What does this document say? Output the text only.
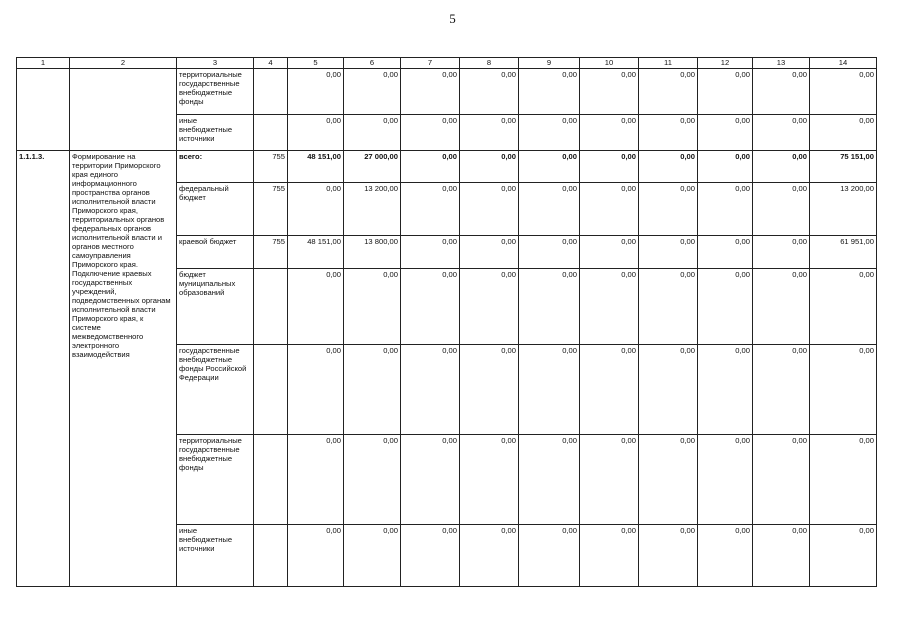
5
1	2	3	4	5	6	7	8	9	10	11	12	13	14
		территориальные государственные внебюджетные фонды		0,00	0,00	0,00	0,00	0,00	0,00	0,00	0,00	0,00	0,00
		иные внебюджетные источники		0,00	0,00	0,00	0,00	0,00	0,00	0,00	0,00	0,00	0,00
1.1.1.3.	Формирование на территории Приморского края единого информационного пространства органов исполнительной власти Приморского края, территориальных органов федеральных органов исполнительной власти и органов местного самоуправления Приморского края. Подключение краевых государственных учреждений, подведомственных органам исполнительной власти Приморского края, к системе межведомственного электронного взаимодействия	всего:	755	48 151,00	27 000,00	0,00	0,00	0,00	0,00	0,00	0,00	0,00	75 151,00
		федеральный бюджет	755	0,00	13 200,00	0,00	0,00	0,00	0,00	0,00	0,00	0,00	13 200,00
		краевой бюджет	755	48 151,00	13 800,00	0,00	0,00	0,00	0,00	0,00	0,00	0,00	61 951,00
		бюджет муниципальных образований		0,00	0,00	0,00	0,00	0,00	0,00	0,00	0,00	0,00	0,00
		государственные внебюджетные фонды Российской Федерации		0,00	0,00	0,00	0,00	0,00	0,00	0,00	0,00	0,00	0,00
		территориальные государственные внебюджетные фонды		0,00	0,00	0,00	0,00	0,00	0,00	0,00	0,00	0,00	0,00
		иные внебюджетные источники		0,00	0,00	0,00	0,00	0,00	0,00	0,00	0,00	0,00	0,00
